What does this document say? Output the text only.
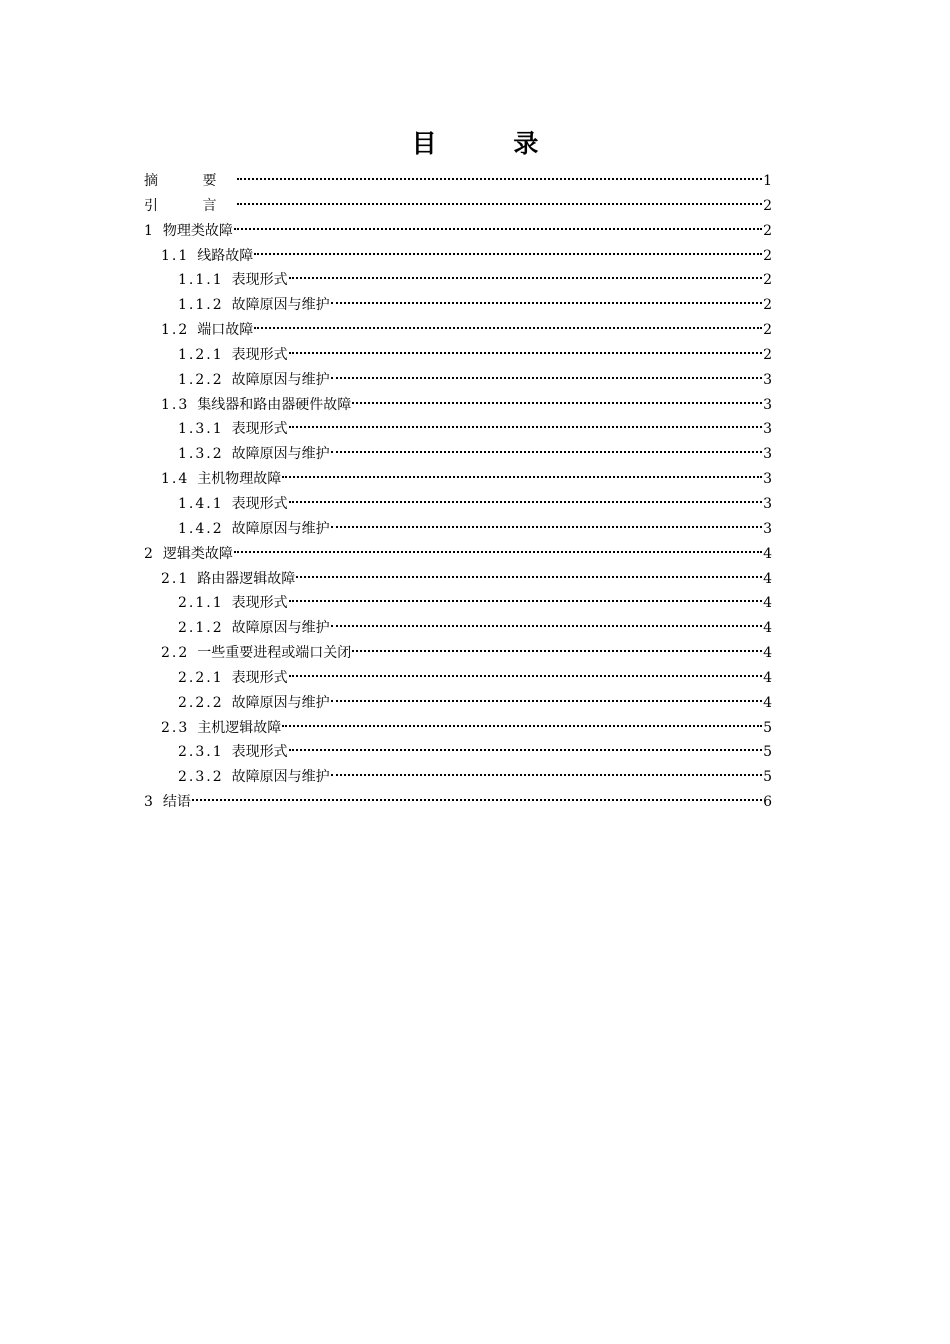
目 录
摘 要	1
引 言	2
1 物理类故障	2
1.1 线路故障	2
1.1.1 表现形式	2
1.1.2 故障原因与维护	2
1.2 端口故障	2
1.2.1 表现形式	2
1.2.2 故障原因与维护	3
1.3 集线器和路由器硬件故障	3
1.3.1 表现形式	3
1.3.2 故障原因与维护	3
1.4 主机物理故障	3
1.4.1 表现形式	3
1.4.2 故障原因与维护	3
2 逻辑类故障	4
2.1 路由器逻辑故障	4
2.1.1 表现形式	4
2.1.2 故障原因与维护	4
2.2 一些重要进程或端口关闭	4
2.2.1 表现形式	4
2.2.2 故障原因与维护	4
2.3 主机逻辑故障	5
2.3.1 表现形式	5
2.3.2 故障原因与维护	5
3 结语	6
